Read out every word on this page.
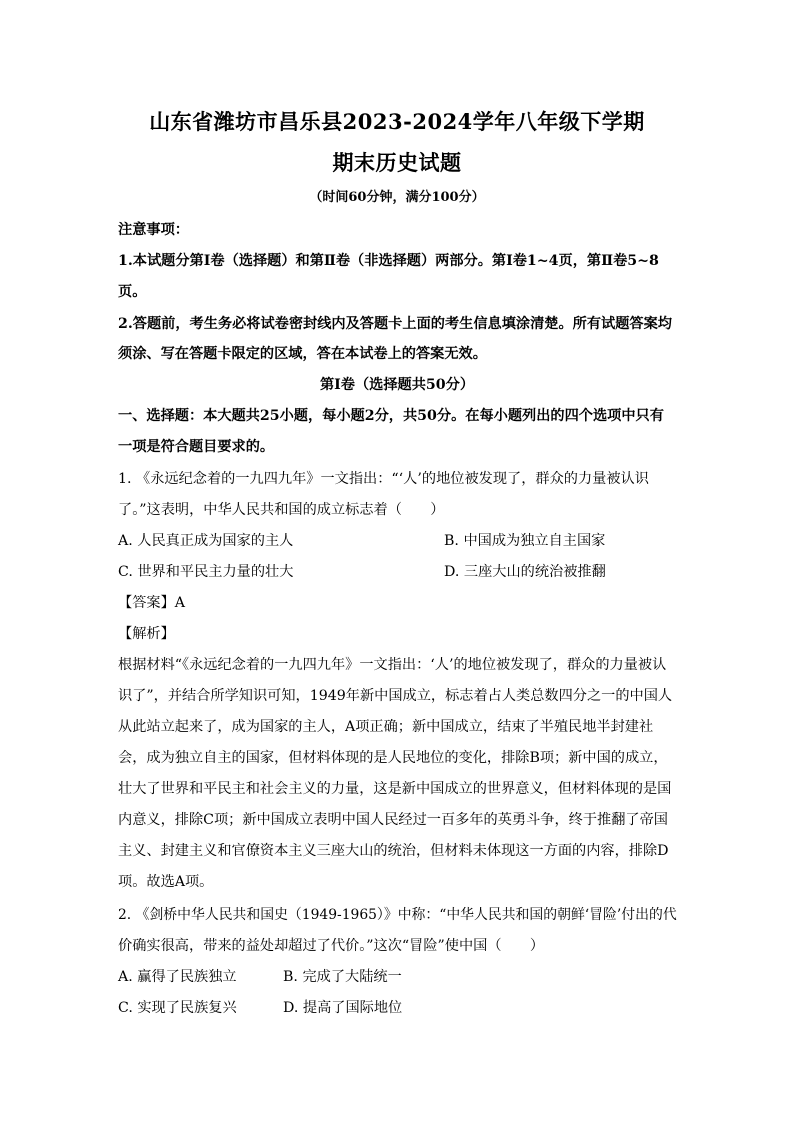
山东省潍坊市昌乐县2023-2024学年八年级下学期
期末历史试题
（时间60分钟，满分100分）
注意事项：
1.本试题分第Ⅰ卷（选择题）和第Ⅱ卷（非选择题）两部分。第Ⅰ卷1~4页，第Ⅱ卷5~8
页。
2.答题前，考生务必将试卷密封线内及答题卡上面的考生信息填涂清楚。所有试题答案均
须涂、写在答题卡限定的区域，答在本试卷上的答案无效。
第Ⅰ卷（选择题共50分）
一、选择题：本大题共25小题，每小题2分，共50分。在每小题列出的四个选项中只有
一项是符合题目要求的。
1. 《永远纪念着的一九四九年》一文指出：“‘人’的地位被发现了，群众的力量被认识
了。”这表明，中华人民共和国的成立标志着（　　）
A. 人民真正成为国家的主人	B. 中国成为独立自主国家
C. 世界和平民主力量的壮大	D. 三座大山的统治被推翻
【答案】A
【解析】
根据材料“《永远纪念着的一九四九年》一文指出：‘人’的地位被发现了，群众的力量被认
识了”，并结合所学知识可知，1949年新中国成立，标志着占人类总数四分之一的中国人
从此站立起来了，成为国家的主人，A项正确；新中国成立，结束了半殖民地半封建社
会，成为独立自主的国家，但材料体现的是人民地位的变化，排除B项；新中国的成立，
壮大了世界和平民主和社会主义的力量，这是新中国成立的世界意义，但材料体现的是国
内意义，排除C项；新中国成立表明中国人民经过一百多年的英勇斗争，终于推翻了帝国
主义、封建主义和官僚资本主义三座大山的统治，但材料未体现这一方面的内容，排除D
项。故选A项。
2. 《剑桥中华人民共和国史（1949-1965）》中称：“中华人民共和国的朝鲜‘冒险’付出的代
价确实很高，带来的益处却超过了代价。”这次“冒险”使中国（　　）
A. 赢得了民族独立	B. 完成了大陆统一
C. 实现了民族复兴	D. 提高了国际地位
